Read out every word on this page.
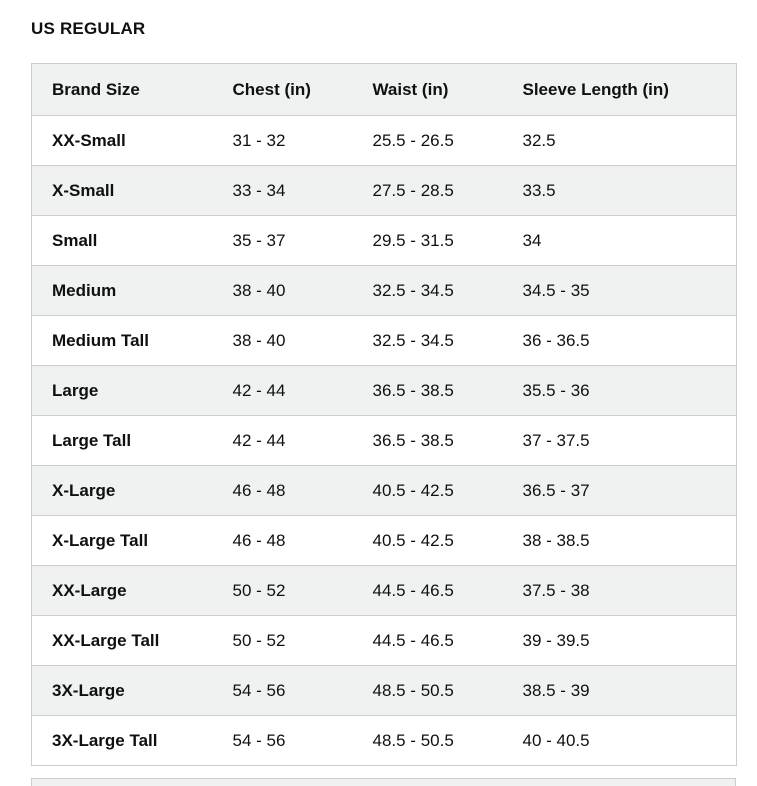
US REGULAR
Brand Size	Chest (in)	Waist (in)	Sleeve Length (in)
XX-Small	31 - 32	25.5 - 26.5	32.5
X-Small	33 - 34	27.5 - 28.5	33.5
Small	35 - 37	29.5 - 31.5	34
Medium	38 - 40	32.5 - 34.5	34.5 - 35
Medium Tall	38 - 40	32.5 - 34.5	36 - 36.5
Large	42 - 44	36.5 - 38.5	35.5 - 36
Large Tall	42 - 44	36.5 - 38.5	37 - 37.5
X-Large	46 - 48	40.5 - 42.5	36.5 - 37
X-Large Tall	46 - 48	40.5 - 42.5	38 - 38.5
XX-Large	50 - 52	44.5 - 46.5	37.5 - 38
XX-Large Tall	50 - 52	44.5 - 46.5	39 - 39.5
3X-Large	54 - 56	48.5 - 50.5	38.5 - 39
3X-Large Tall	54 - 56	48.5 - 50.5	40 - 40.5
